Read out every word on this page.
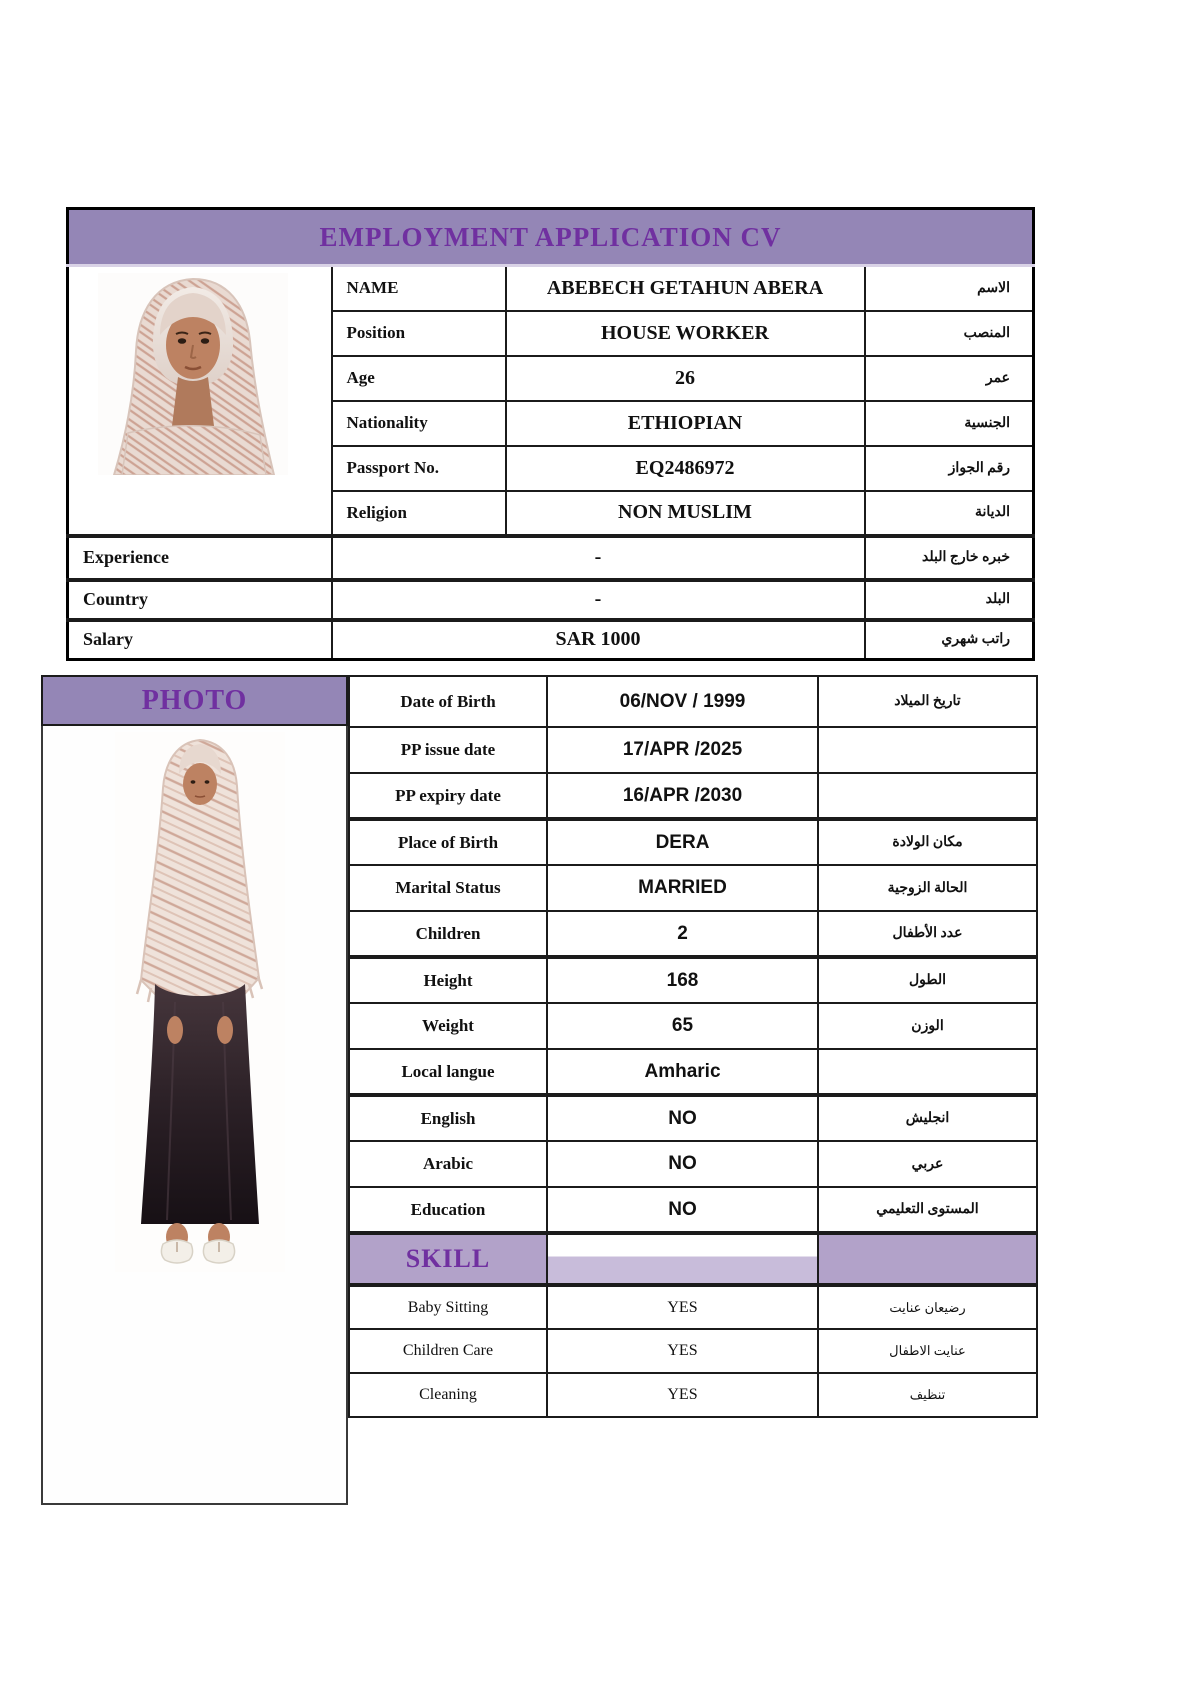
EMPLOYMENT APPLICATION CV			

	NAME	ABEBECH GETAHUN ABERA	الاسم
	Position	HOUSE WORKER	المنصب
	Age	26	عمر
	Nationality	ETHIOPIAN	الجنسية
	Passport No.	EQ2486972	رقم الجواز
	Religion	NON MUSLIM	الديانة
Experience	-		خبره خارج البلد
Country	-		البلد
Salary	SAR 1000		راتب شهري
PHOTO	Date of Birth	06/NOV / 1999	تاريخ الميلاد
PP issue date	17/APR /2025	
PP expiry date	16/APR /2030	
Place of Birth	DERA	مكان الولادة
Marital Status	MARRIED	الحالة الزوجية
Children	2	عدد الأطفال
Height	168	الطول
Weight	65	الوزن
Local langue	Amharic	
English	NO	انجليش
Arabic	NO	عربي
Education	NO	المستوى التعليمي
SKILL		
Baby Sitting	YES	رضيعان عنايت
Children Care	YES	عنايت الاطفال
Cleaning	YES	تنظيف
